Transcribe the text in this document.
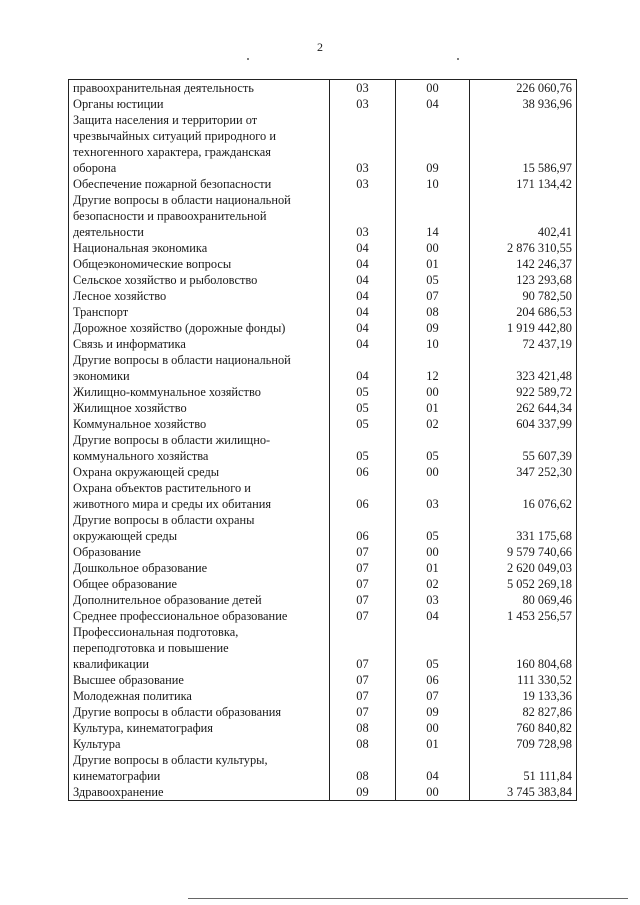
2
правоохранительная деятельность	03	00	226 060,76

Органы юстиции	03	04	38 936,96

Защита населения и территории от
чрезвычайных ситуаций природного и
техногенного характера, гражданская
оборона	03	09	15 586,97

Обеспечение пожарной безопасности	03	10	171 134,42

Другие вопросы в области национальной
безопасности и правоохранительной
деятельности	03	14	402,41

Национальная экономика	04	00	2 876 310,55

Общеэкономические вопросы	04	01	142 246,37

Сельское хозяйство и рыболовство	04	05	123 293,68

Лесное хозяйство	04	07	90 782,50

Транспорт	04	08	204 686,53

Дорожное хозяйство (дорожные фонды)	04	09	1 919 442,80

Связь и информатика	04	10	72 437,19

Другие вопросы в области национальной
экономики	04	12	323 421,48

Жилищно-коммунальное хозяйство	05	00	922 589,72

Жилищное хозяйство	05	01	262 644,34

Коммунальное хозяйство	05	02	604 337,99

Другие вопросы в области жилищно-
коммунального хозяйства	05	05	55 607,39

Охрана окружающей среды	06	00	347 252,30

Охрана объектов растительного и
животного мира и среды их обитания	06	03	16 076,62

Другие вопросы в области охраны
окружающей среды	06	05	331 175,68

Образование	07	00	9 579 740,66

Дошкольное образование	07	01	2 620 049,03

Общее образование	07	02	5 052 269,18

Дополнительное образование детей	07	03	80 069,46

Среднее профессиональное образование	07	04	1 453 256,57

Профессиональная подготовка,
переподготовка и повышение
квалификации	07	05	160 804,68

Высшее образование	07	06	111 330,52

Молодежная политика	07	07	19 133,36

Другие вопросы в области образования	07	09	82 827,86

Культура, кинематография	08	00	760 840,82

Культура	08	01	709 728,98

Другие вопросы в области культуры,
кинематографии	08	04	51 111,84

Здравоохранение	09	00	3 745 383,84
